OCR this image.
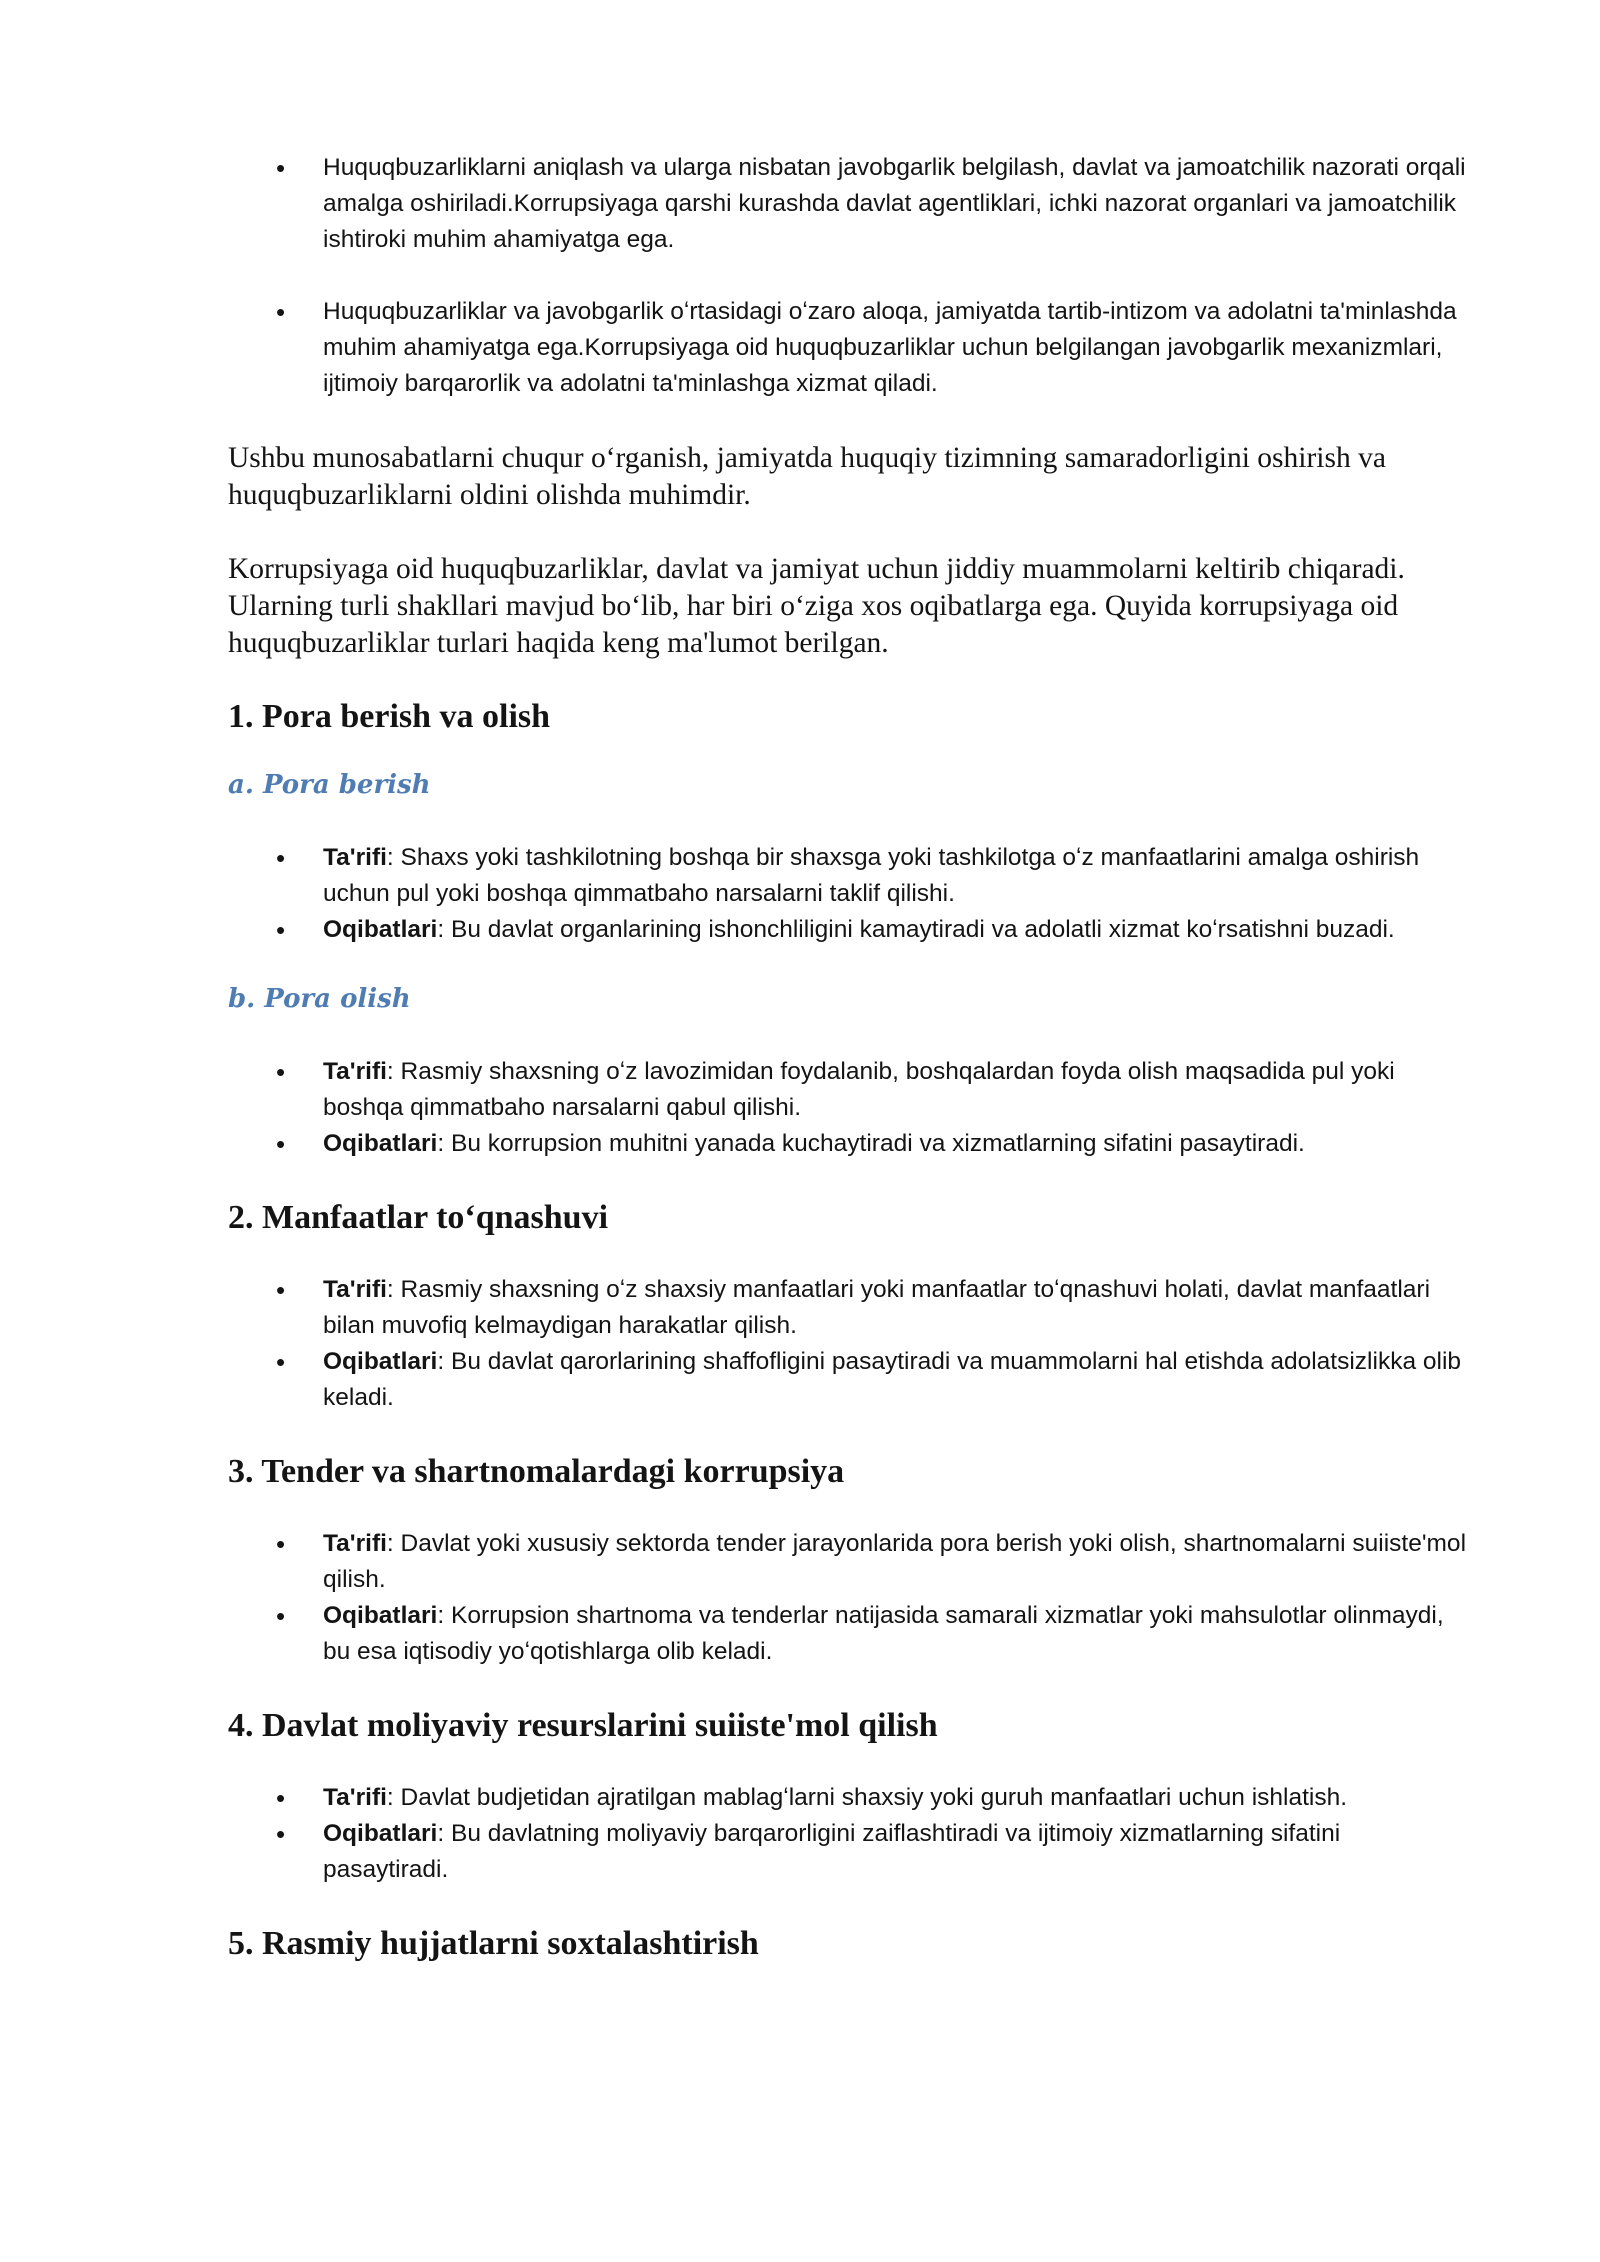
• Huquqbuzarliklarni aniqlash va ularga nisbatan javobgarlik belgilash, davlat va jamoatchilik nazorati orqali amalga oshiriladi.Korrupsiyaga qarshi kurashda davlat agentliklari, ichki nazorat organlari va jamoatchilik ishtiroki muhim ahamiyatga ega.
• Huquqbuzarliklar va javobgarlik oʻrtasidagi oʻzaro aloqa, jamiyatda tartib-intizom va adolatni ta'minlashda muhim ahamiyatga ega.Korrupsiyaga oid huquqbuzarliklar uchun belgilangan javobgarlik mexanizmlari, ijtimoiy barqarorlik va adolatni ta'minlashga xizmat qiladi.

Ushbu munosabatlarni chuqur oʻrganish, jamiyatda huquqiy tizimning samaradorligini oshirish va huquqbuzarliklarni oldini olishda muhimdir.

Korrupsiyaga oid huquqbuzarliklar, davlat va jamiyat uchun jiddiy muammolarni keltirib chiqaradi. Ularning turli shakllari mavjud boʻlib, har biri oʻziga xos oqibatlarga ega. Quyida korrupsiyaga oid huquqbuzarliklar turlari haqida keng ma'lumot berilgan.

1. Pora berish va olish
a. Pora berish
• Ta'rifi: Shaxs yoki tashkilotning boshqa bir shaxsga yoki tashkilotga oʻz manfaatlarini amalga oshirish uchun pul yoki boshqa qimmatbaho narsalarni taklif qilishi.
• Oqibatlari: Bu davlat organlarining ishonchliligini kamaytiradi va adolatli xizmat koʻrsatishni buzadi.
b. Pora olish
• Ta'rifi: Rasmiy shaxsning oʻz lavozimidan foydalanib, boshqalardan foyda olish maqsadida pul yoki boshqa qimmatbaho narsalarni qabul qilishi.
• Oqibatlari: Bu korrupsion muhitni yanada kuchaytiradi va xizmatlarning sifatini pasaytiradi.
2. Manfaatlar toʻqnashuvi
• Ta'rifi: Rasmiy shaxsning oʻz shaxsiy manfaatlari yoki manfaatlar toʻqnashuvi holati, davlat manfaatlari bilan muvofiq kelmaydigan harakatlar qilish.
• Oqibatlari: Bu davlat qarorlarining shaffofligini pasaytiradi va muammolarni hal etishda adolatsizlikka olib keladi.
3. Tender va shartnomalardagi korrupsiya
• Ta'rifi: Davlat yoki xususiy sektorda tender jarayonlarida pora berish yoki olish, shartnomalarni suiiste'mol qilish.
• Oqibatlari: Korrupsion shartnoma va tenderlar natijasida samarali xizmatlar yoki mahsulotlar olinmaydi, bu esa iqtisodiy yoʻqotishlarga olib keladi.
4. Davlat moliyaviy resurslarini suiiste'mol qilish
• Ta'rifi: Davlat budjetidan ajratilgan mablagʻlarni shaxsiy yoki guruh manfaatlari uchun ishlatish.
• Oqibatlari: Bu davlatning moliyaviy barqarorligini zaiflashtiradi va ijtimoiy xizmatlarning sifatini pasaytiradi.
5. Rasmiy hujjatlarni soxtalashtirish
